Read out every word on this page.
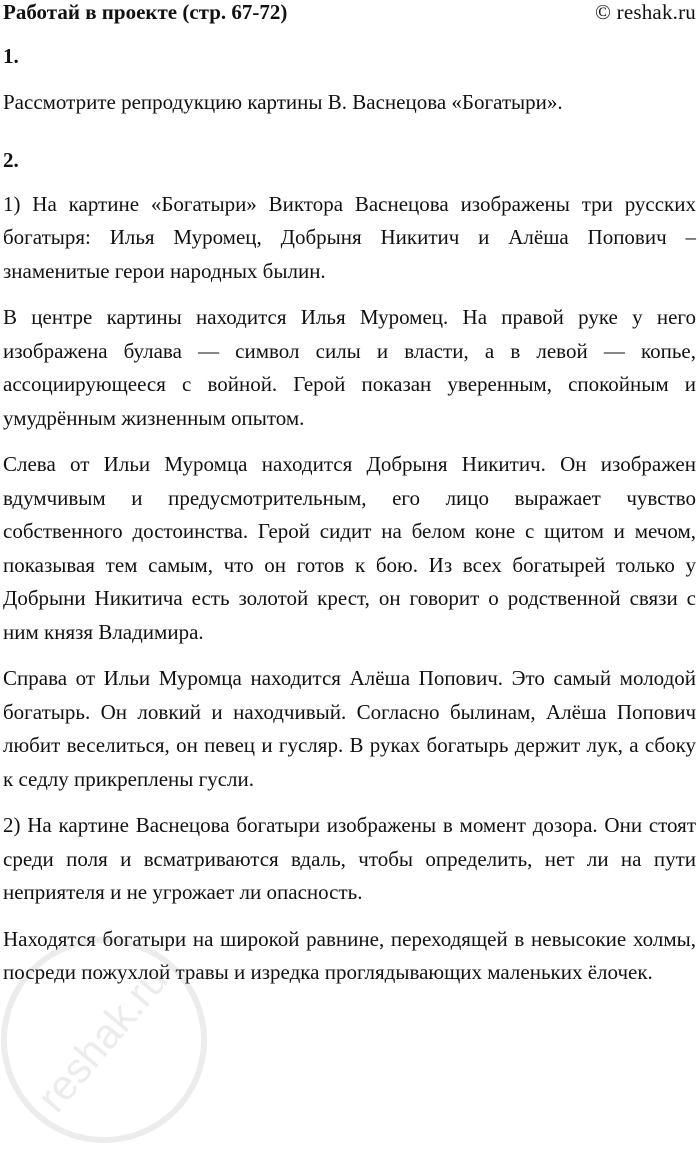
Работай в проекте (стр. 67-72)	© reshak.ru

1.

Рассмотрите репродукцию картины В. Васнецова «Богатыри».

2.

1) На картине «Богатыри» Виктора Васнецова изображены три русских богатыря: Илья Муромец, Добрыня Никитич и Алёша Попович – знаменитые герои народных былин.

В центре картины находится Илья Муромец. На правой руке у него изображена булава — символ силы и власти, а в левой — копье, ассоциирующееся с войной. Герой показан уверенным, спокойным и умудрённым жизненным опытом.

Слева от Ильи Муромца находится Добрыня Никитич. Он изображен вдумчивым и предусмотрительным, его лицо выражает чувство собственного достоинства. Герой сидит на белом коне с щитом и мечом, показывая тем самым, что он готов к бою. Из всех богатырей только у Добрыни Никитича есть золотой крест, он говорит о родственной связи с ним князя Владимира.

Справа от Ильи Муромца находится Алёша Попович. Это самый молодой богатырь. Он ловкий и находчивый. Согласно былинам, Алёша Попович любит веселиться, он певец и гусляр. В руках богатырь держит лук, а сбоку к седлу прикреплены гусли.

2) На картине Васнецова богатыри изображены в момент дозора. Они стоят среди поля и всматриваются вдаль, чтобы определить, нет ли на пути неприятеля и не угрожает ли опасность.

Находятся богатыри на широкой равнине, переходящей в невысокие холмы, посреди пожухлой травы и изредка проглядывающих маленьких ёлочек.

reshak.ru
